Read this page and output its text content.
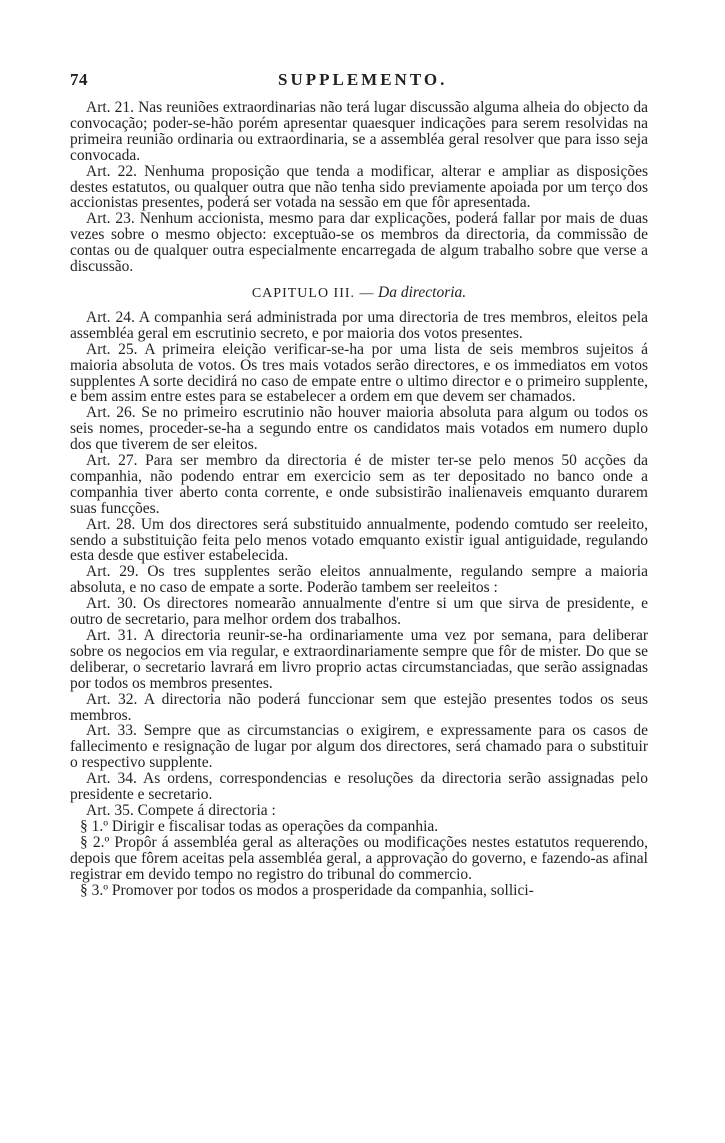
74	SUPPLEMENTO.

Art. 21. Nas reuniões extraordinarias não terá lugar discussão alguma alheia do objecto da convocação; poder-se-hão porém apresentar quaesquer indicações para serem resolvidas na primeira reunião ordinaria ou extraordinaria, se a assembléa geral resolver que para isso seja convocada.

Art. 22. Nenhuma proposição que tenda a modificar, alterar e ampliar as disposições destes estatutos, ou qualquer outra que não tenha sido previamente apoiada por um terço dos accionistas presentes, poderá ser votada na sessão em que fôr apresentada.

Art. 23. Nenhum accionista, mesmo para dar explicações, poderá fallar por mais de duas vezes sobre o mesmo objecto: exceptuão-se os membros da directoria, da commissão de contas ou de qualquer outra especialmente encarregada de algum trabalho sobre que verse a discussão.

CAPITULO III. — Da directoria.

Art. 24. A companhia será administrada por uma directoria de tres membros, eleitos pela assembléa geral em escrutinio secreto, e por maioria dos votos presentes.

Art. 25. A primeira eleição verificar-se-ha por uma lista de seis membros sujeitos á maioria absoluta de votos. Os tres mais votados serão directores, e os immediatos em votos supplentes A sorte decidirá no caso de empate entre o ultimo director e o primeiro supplente, e bem assim entre estes para se estabelecer a ordem em que devem ser chamados.

Art. 26. Se no primeiro escrutinio não houver maioria absoluta para algum ou todos os seis nomes, proceder-se-ha a segundo entre os candidatos mais votados em numero duplo dos que tiverem de ser eleitos.

Art. 27. Para ser membro da directoria é de mister ter-se pelo menos 50 acções da companhia, não podendo entrar em exercicio sem as ter depositado no banco onde a companhia tiver aberto conta corrente, e onde subsistirão inalienaveis emquanto durarem suas funcções.

Art. 28. Um dos directores será substituido annualmente, podendo comtudo ser reeleito, sendo a substituição feita pelo menos votado emquanto existir igual antiguidade, regulando esta desde que estiver estabelecida.

Art. 29. Os tres supplentes serão eleitos annualmente, regulando sempre a maioria absoluta, e no caso de empate a sorte. Poderão tambem ser reeleitos :

Art. 30. Os directores nomearão annualmente d'entre si um que sirva de presidente, e outro de secretario, para melhor ordem dos trabalhos.

Art. 31. A directoria reunir-se-ha ordinariamente uma vez por semana, para deliberar sobre os negocios em via regular, e extraordinariamente sempre que fôr de mister. Do que se deliberar, o secretario lavrará em livro proprio actas circumstanciadas, que serão assignadas por todos os membros presentes.

Art. 32. A directoria não poderá funccionar sem que estejão presentes todos os seus membros.

Art. 33. Sempre que as circumstancias o exigirem, e expressamente para os casos de fallecimento e resignação de lugar por algum dos directores, será chamado para o substituir o respectivo supplente.

Art. 34. As ordens, correspondencias e resoluções da directoria serão assignadas pelo presidente e secretario.

Art. 35. Compete á directoria :

§ 1.º Dirigir e fiscalisar todas as operações da companhia.

§ 2.º Propôr á assembléa geral as alterações ou modificações nestes estatutos requerendo, depois que fôrem aceitas pela assembléa geral, a approvação do governo, e fazendo-as afinal registrar em devido tempo no registro do tribunal do commercio.

§ 3.º Promover por todos os modos a prosperidade da companhia, sollici-
